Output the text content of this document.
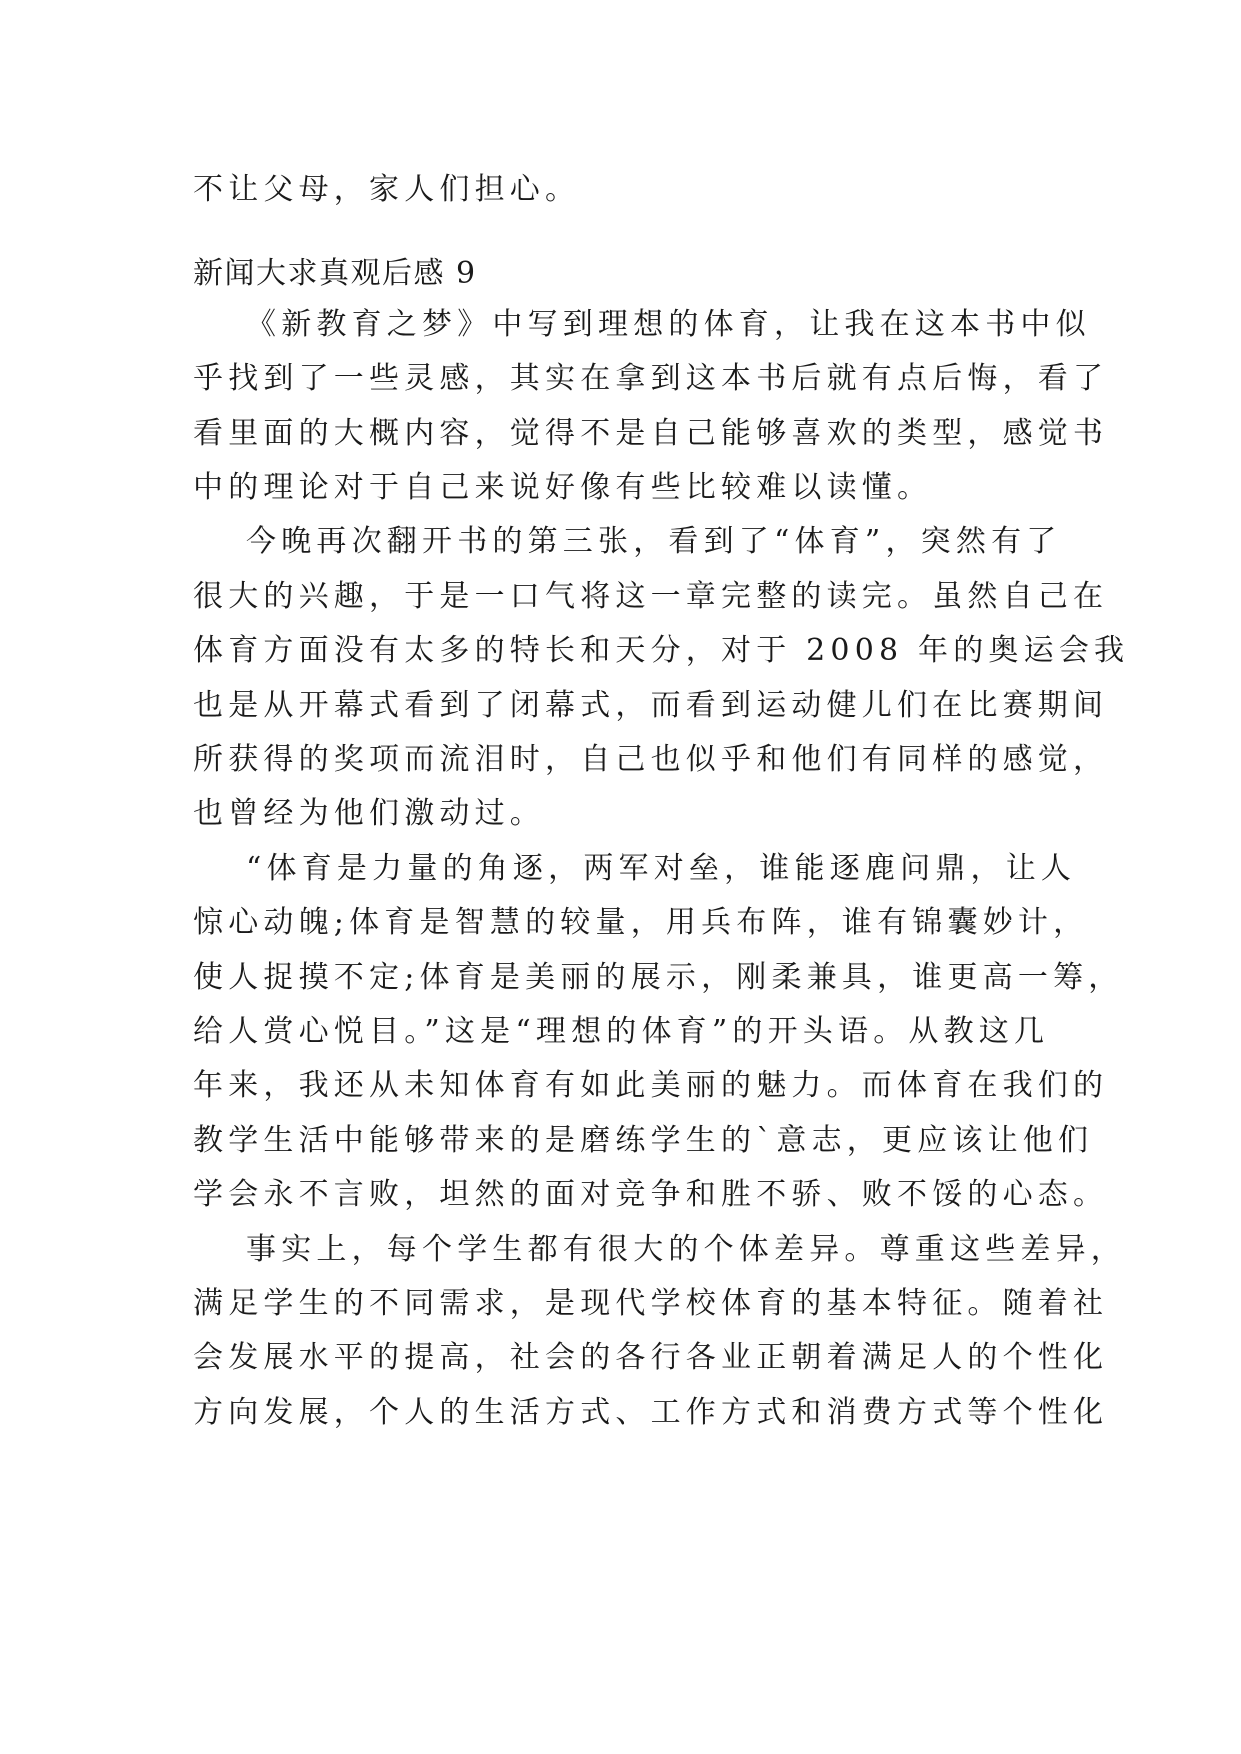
不让父母，家人们担心。
新闻大求真观后感 9
《新教育之梦》中写到理想的体育，让我在这本书中似
乎找到了一些灵感，其实在拿到这本书后就有点后悔，看了
看里面的大概内容，觉得不是自己能够喜欢的类型，感觉书
中的理论对于自己来说好像有些比较难以读懂。
今晚再次翻开书的第三张，看到了“体育”，突然有了
很大的兴趣，于是一口气将这一章完整的读完。虽然自己在
体育方面没有太多的特长和天分，对于 2008 年的奥运会我
也是从开幕式看到了闭幕式，而看到运动健儿们在比赛期间
所获得的奖项而流泪时，自己也似乎和他们有同样的感觉，
也曾经为他们激动过。
“体育是力量的角逐，两军对垒，谁能逐鹿问鼎，让人
惊心动魄;体育是智慧的较量，用兵布阵，谁有锦囊妙计，
使人捉摸不定;体育是美丽的展示，刚柔兼具，谁更高一筹，
给人赏心悦目。”这是“理想的体育”的开头语。从教这几
年来，我还从未知体育有如此美丽的魅力。而体育在我们的
教学生活中能够带来的是磨练学生的`意志，更应该让他们
学会永不言败，坦然的面对竞争和胜不骄、败不馁的心态。
事实上，每个学生都有很大的个体差异。尊重这些差异，
满足学生的不同需求，是现代学校体育的基本特征。随着社
会发展水平的提高，社会的各行各业正朝着满足人的个性化
方向发展，个人的生活方式、工作方式和消费方式等个性化
